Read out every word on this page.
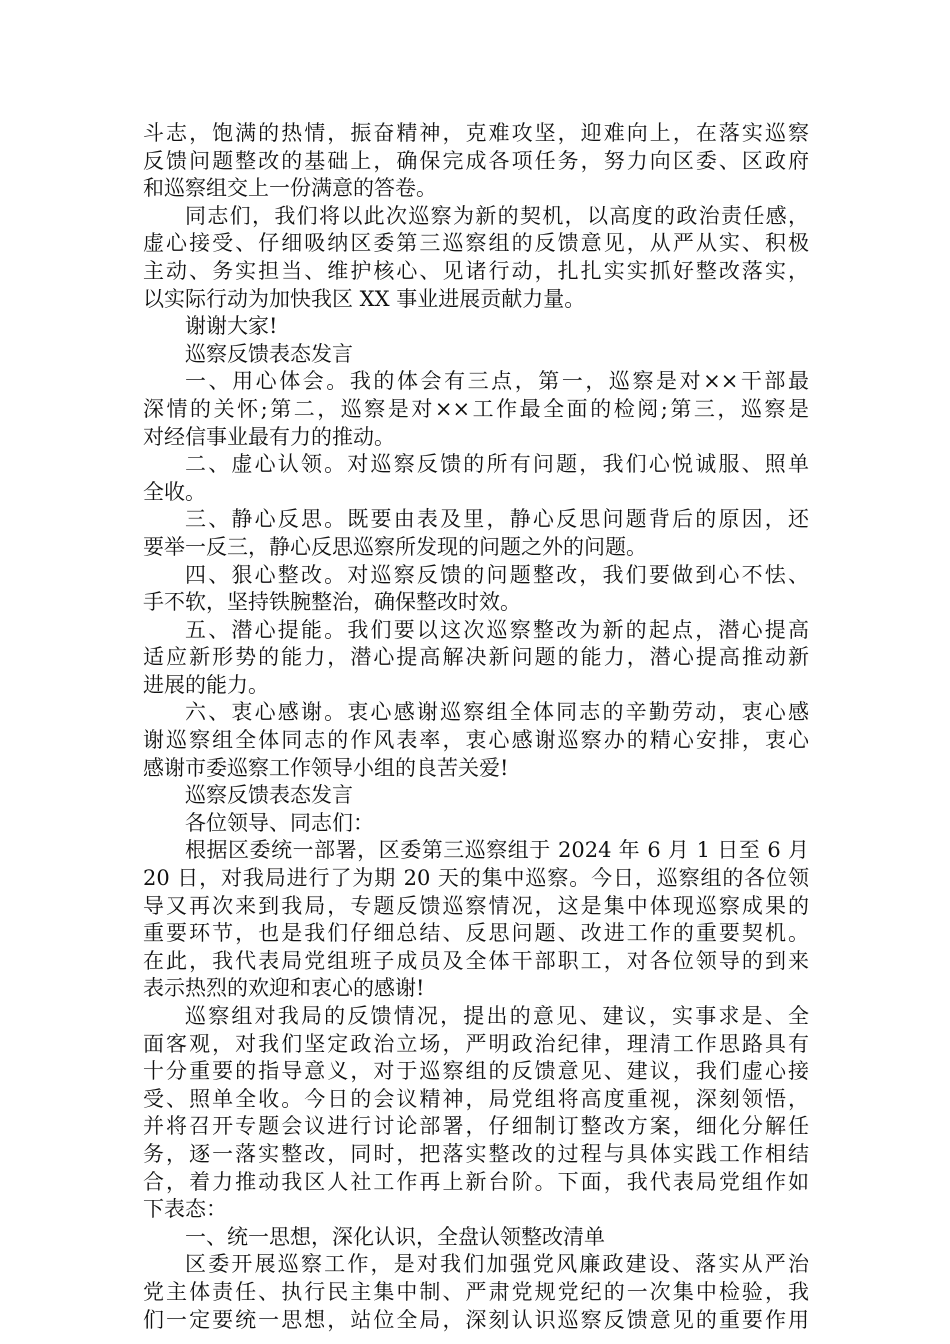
斗志，饱满的热情，振奋精神，克难攻坚，迎难向上，在落实巡察
反馈问题整改的基础上，确保完成各项任务，努力向区委、区政府
和巡察组交上一份满意的答卷。
同志们，我们将以此次巡察为新的契机，以高度的政治责任感，
虚心接受、仔细吸纳区委第三巡察组的反馈意见，从严从实、积极
主动、务实担当、维护核心、见诸行动，扎扎实实抓好整改落实，
以实际行动为加快我区 XX 事业进展贡献力量。
谢谢大家!
巡察反馈表态发言
一、用心体会。我的体会有三点，第一，巡察是对××干部最
深情的关怀;第二，巡察是对××工作最全面的检阅;第三，巡察是
对经信事业最有力的推动。
二、虚心认领。对巡察反馈的所有问题，我们心悦诚服、照单
全收。
三、静心反思。既要由表及里，静心反思问题背后的原因，还
要举一反三，静心反思巡察所发现的问题之外的问题。
四、狠心整改。对巡察反馈的问题整改，我们要做到心不怯、
手不软，坚持铁腕整治，确保整改时效。
五、潜心提能。我们要以这次巡察整改为新的起点，潜心提高
适应新形势的能力，潜心提高解决新问题的能力，潜心提高推动新
进展的能力。
六、衷心感谢。衷心感谢巡察组全体同志的辛勤劳动，衷心感
谢巡察组全体同志的作风表率，衷心感谢巡察办的精心安排，衷心
感谢市委巡察工作领导小组的良苦关爱!
巡察反馈表态发言
各位领导、同志们：
根据区委统一部署，区委第三巡察组于 2024 年 6 月 1 日至 6 月
20 日，对我局进行了为期 20 天的集中巡察。今日，巡察组的各位领
导又再次来到我局，专题反馈巡察情况，这是集中体现巡察成果的
重要环节，也是我们仔细总结、反思问题、改进工作的重要契机。
在此，我代表局党组班子成员及全体干部职工，对各位领导的到来
表示热烈的欢迎和衷心的感谢!
巡察组对我局的反馈情况，提出的意见、建议，实事求是、全
面客观，对我们坚定政治立场，严明政治纪律，理清工作思路具有
十分重要的指导意义，对于巡察组的反馈意见、建议，我们虚心接
受、照单全收。今日的会议精神，局党组将高度重视，深刻领悟，
并将召开专题会议进行讨论部署，仔细制订整改方案，细化分解任
务，逐一落实整改，同时，把落实整改的过程与具体实践工作相结
合，着力推动我区人社工作再上新台阶。下面，我代表局党组作如
下表态：
一、统一思想，深化认识，全盘认领整改清单
区委开展巡察工作，是对我们加强党风廉政建设、落实从严治
党主体责任、执行民主集中制、严肃党规党纪的一次集中检验，我
们一定要统一思想，站位全局，深刻认识巡察反馈意见的重要作用
